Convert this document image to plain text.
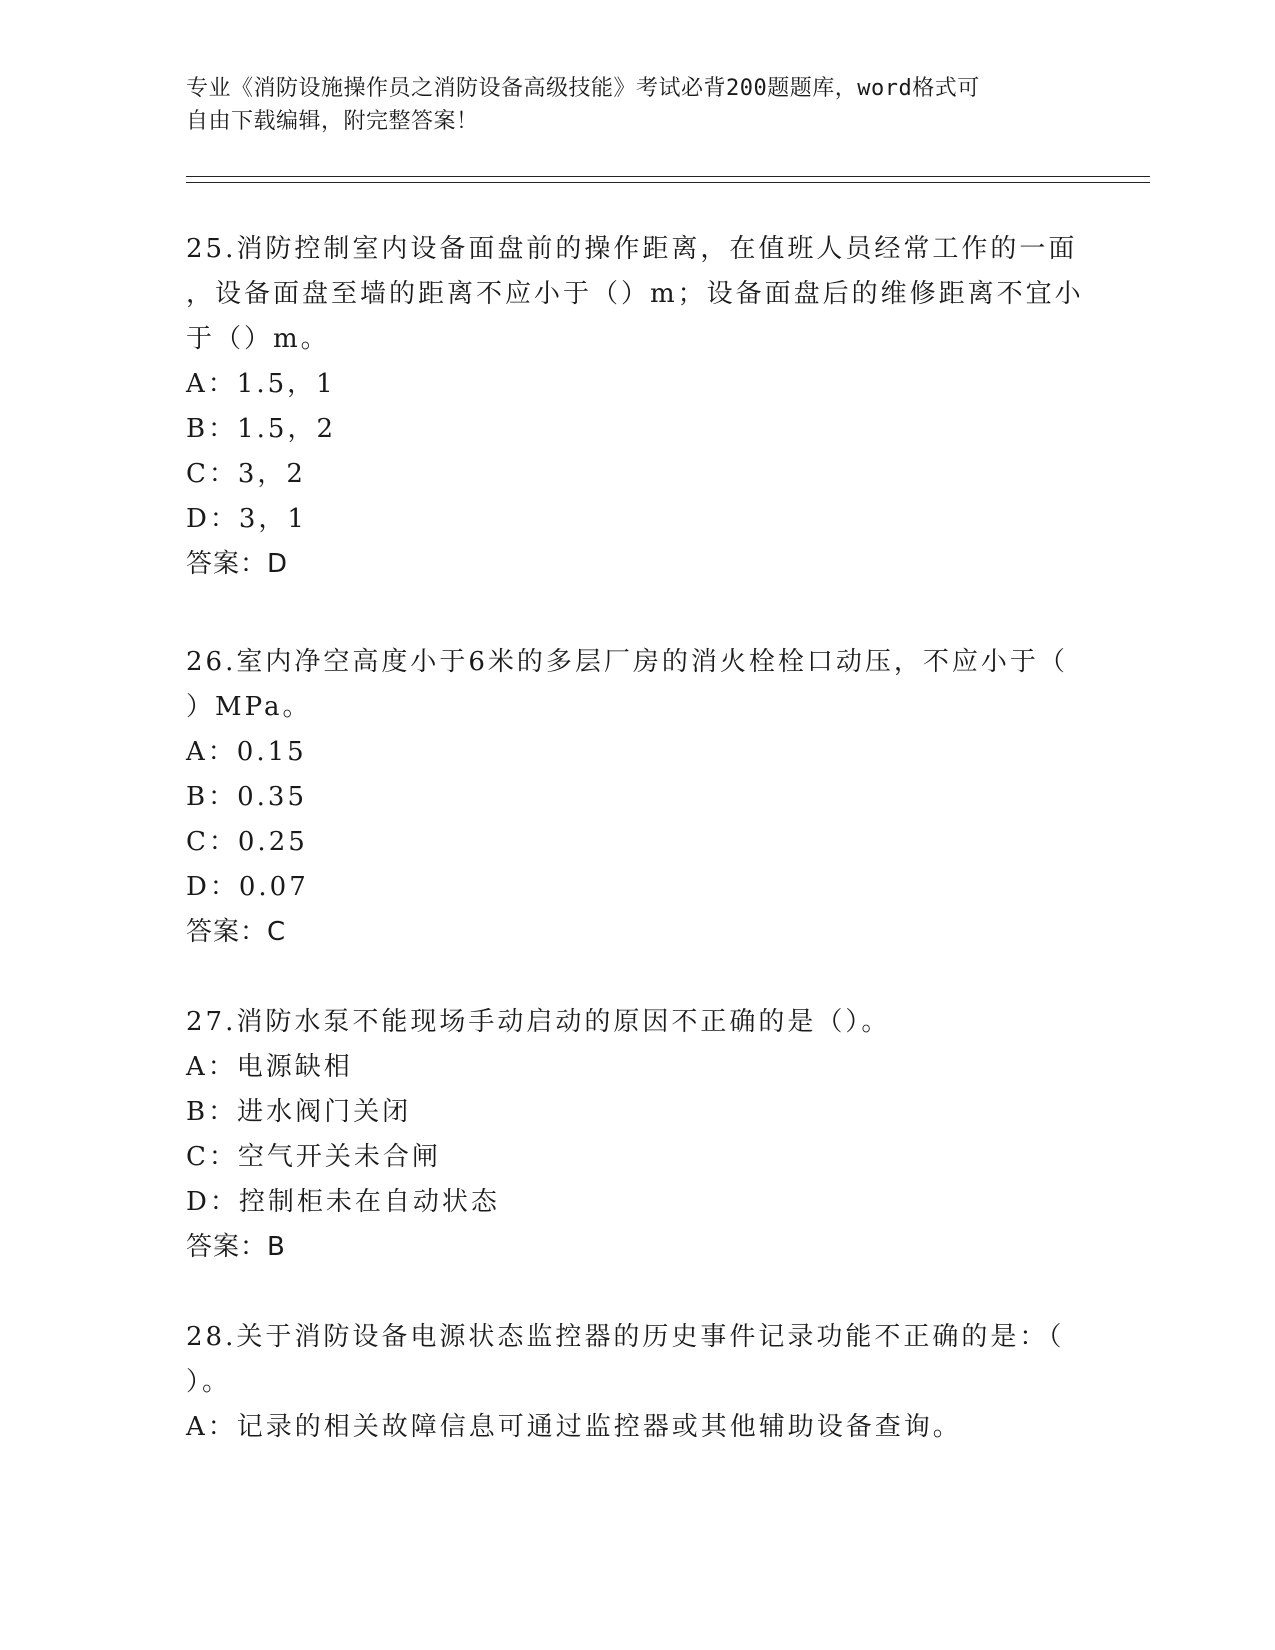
专业《消防设施操作员之消防设备高级技能》考试必背200题题库，word格式可
自由下载编辑，附完整答案！
25.消防控制室内设备面盘前的操作距离，在值班人员经常工作的一面
，设备面盘至墙的距离不应小于（）m；设备面盘后的维修距离不宜小
于（）m。
A：1.5，1
B：1.5，2
C：3，2
D：3，1
答案：D
26.室内净空高度小于6米的多层厂房的消火栓栓口动压，不应小于（
）MPa。
A：0.15
B：0.35
C：0.25
D：0.07
答案：C
27.消防水泵不能现场手动启动的原因不正确的是（）。
A：电源缺相
B：进水阀门关闭
C：空气开关未合闸
D：控制柜未在自动状态
答案：B
28.关于消防设备电源状态监控器的历史事件记录功能不正确的是：（
）。
A：记录的相关故障信息可通过监控器或其他辅助设备查询。
